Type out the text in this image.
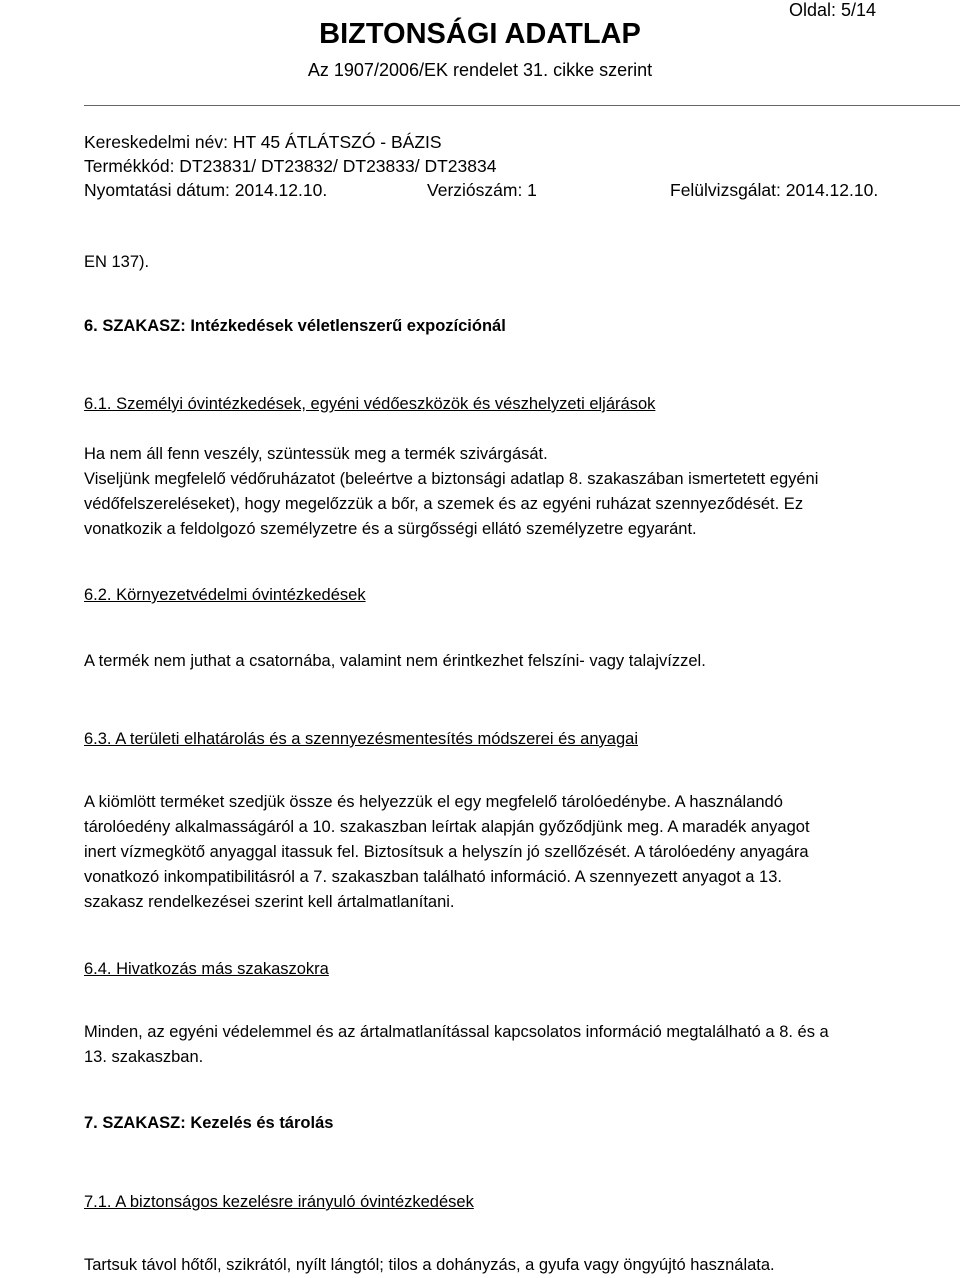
Oldal: 5/14
BIZTONSÁGI ADATLAP
Az 1907/2006/EK rendelet 31. cikke szerint
Kereskedelmi név: HT 45 ÁTLÁTSZÓ - BÁZIS
Termékkód: DT23831/ DT23832/ DT23833/ DT23834
Nyomtatási dátum: 2014.12.10.	Verziószám: 1	Felülvizsgálat: 2014.12.10.
EN 137).
6. SZAKASZ: Intézkedések véletlenszerű expozíciónál
6.1. Személyi óvintézkedések, egyéni védőeszközök és vészhelyzeti eljárások
Ha nem áll fenn veszély, szüntessük meg a termék szivárgását.
Viseljünk megfelelő védőruházatot (beleértve a biztonsági adatlap 8. szakaszában ismertetett egyéni
védőfelszereléseket), hogy megelőzzük a bőr, a szemek és az egyéni ruházat szennyeződését. Ez
vonatkozik a feldolgozó személyzetre és a sürgősségi ellátó személyzetre egyaránt.
6.2. Környezetvédelmi óvintézkedések
A termék nem juthat a csatornába, valamint nem érintkezhet felszíni- vagy talajvízzel.
6.3. A területi elhatárolás és a szennyezésmentesítés módszerei és anyagai
A kiömlött terméket szedjük össze és helyezzük el egy megfelelő tárolóedénybe. A használandó
tárolóedény alkalmasságáról a 10. szakaszban leírtak alapján győződjünk meg. A maradék anyagot
inert vízmegkötő anyaggal itassuk fel. Biztosítsuk a helyszín jó szellőzését. A tárolóedény anyagára
vonatkozó inkompatibilitásról a 7. szakaszban található információ. A szennyezett anyagot a 13.
szakasz rendelkezései szerint kell ártalmatlanítani.
6.4. Hivatkozás más szakaszokra
Minden, az egyéni védelemmel és az ártalmatlanítással kapcsolatos információ megtalálható a 8. és a
13. szakaszban.
7. SZAKASZ: Kezelés és tárolás
7.1. A biztonságos kezelésre irányuló óvintézkedések
Tartsuk távol hőtől, szikrától, nyílt lángtól; tilos a dohányzás, a gyufa vagy öngyújtó használata.
